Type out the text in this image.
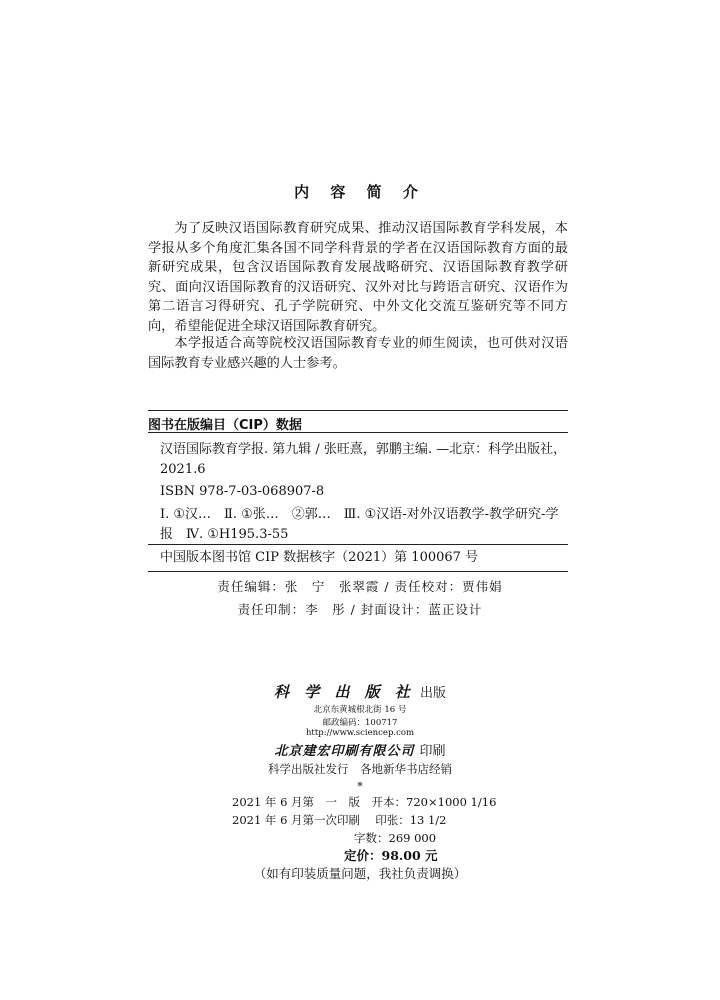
内 容 简 介

为了反映汉语国际教育研究成果、推动汉语国际教育学科发展，本学报从多个角度汇集各国不同学科背景的学者在汉语国际教育方面的最新研究成果，包含汉语国际教育发展战略研究、汉语国际教育教学研究、面向汉语国际教育的汉语研究、汉外对比与跨语言研究、汉语作为第二语言习得研究、孔子学院研究、中外文化交流互鉴研究等不同方向，希望能促进全球汉语国际教育研究。

本学报适合高等院校汉语国际教育专业的师生阅读，也可供对汉语国际教育专业感兴趣的人士参考。

图书在版编目（CIP）数据

汉语国际教育学报. 第九辑 / 张旺熹，郭鹏主编. —北京：科学出版社，2021.6

ISBN 978-7-03-068907-8

Ⅰ. ①汉…　Ⅱ. ①张…　②郭…　Ⅲ. ①汉语-对外汉语教学-教学研究-学报　Ⅳ. ①H195.3-55

中国版本图书馆 CIP 数据核字（2021）第 100067 号

责任编辑：张　宁　张翠霞 / 责任校对：贾伟娟
责任印制：李　彤 / 封面设计：蓝正设计
科 学 出 版 社 出版
北京东黄城根北街 16 号
邮政编码：100717
http://www.sciencep.com
北京建宏印刷有限公司 印刷
科学出版社发行　各地新华书店经销
*
2021 年 6 月第　一　版　开本：720×1000 1/16
2021 年 6 月第一次印刷　 印张：13 1/2
字数：269 000
定价：98.00 元
（如有印装质量问题，我社负责调换）
